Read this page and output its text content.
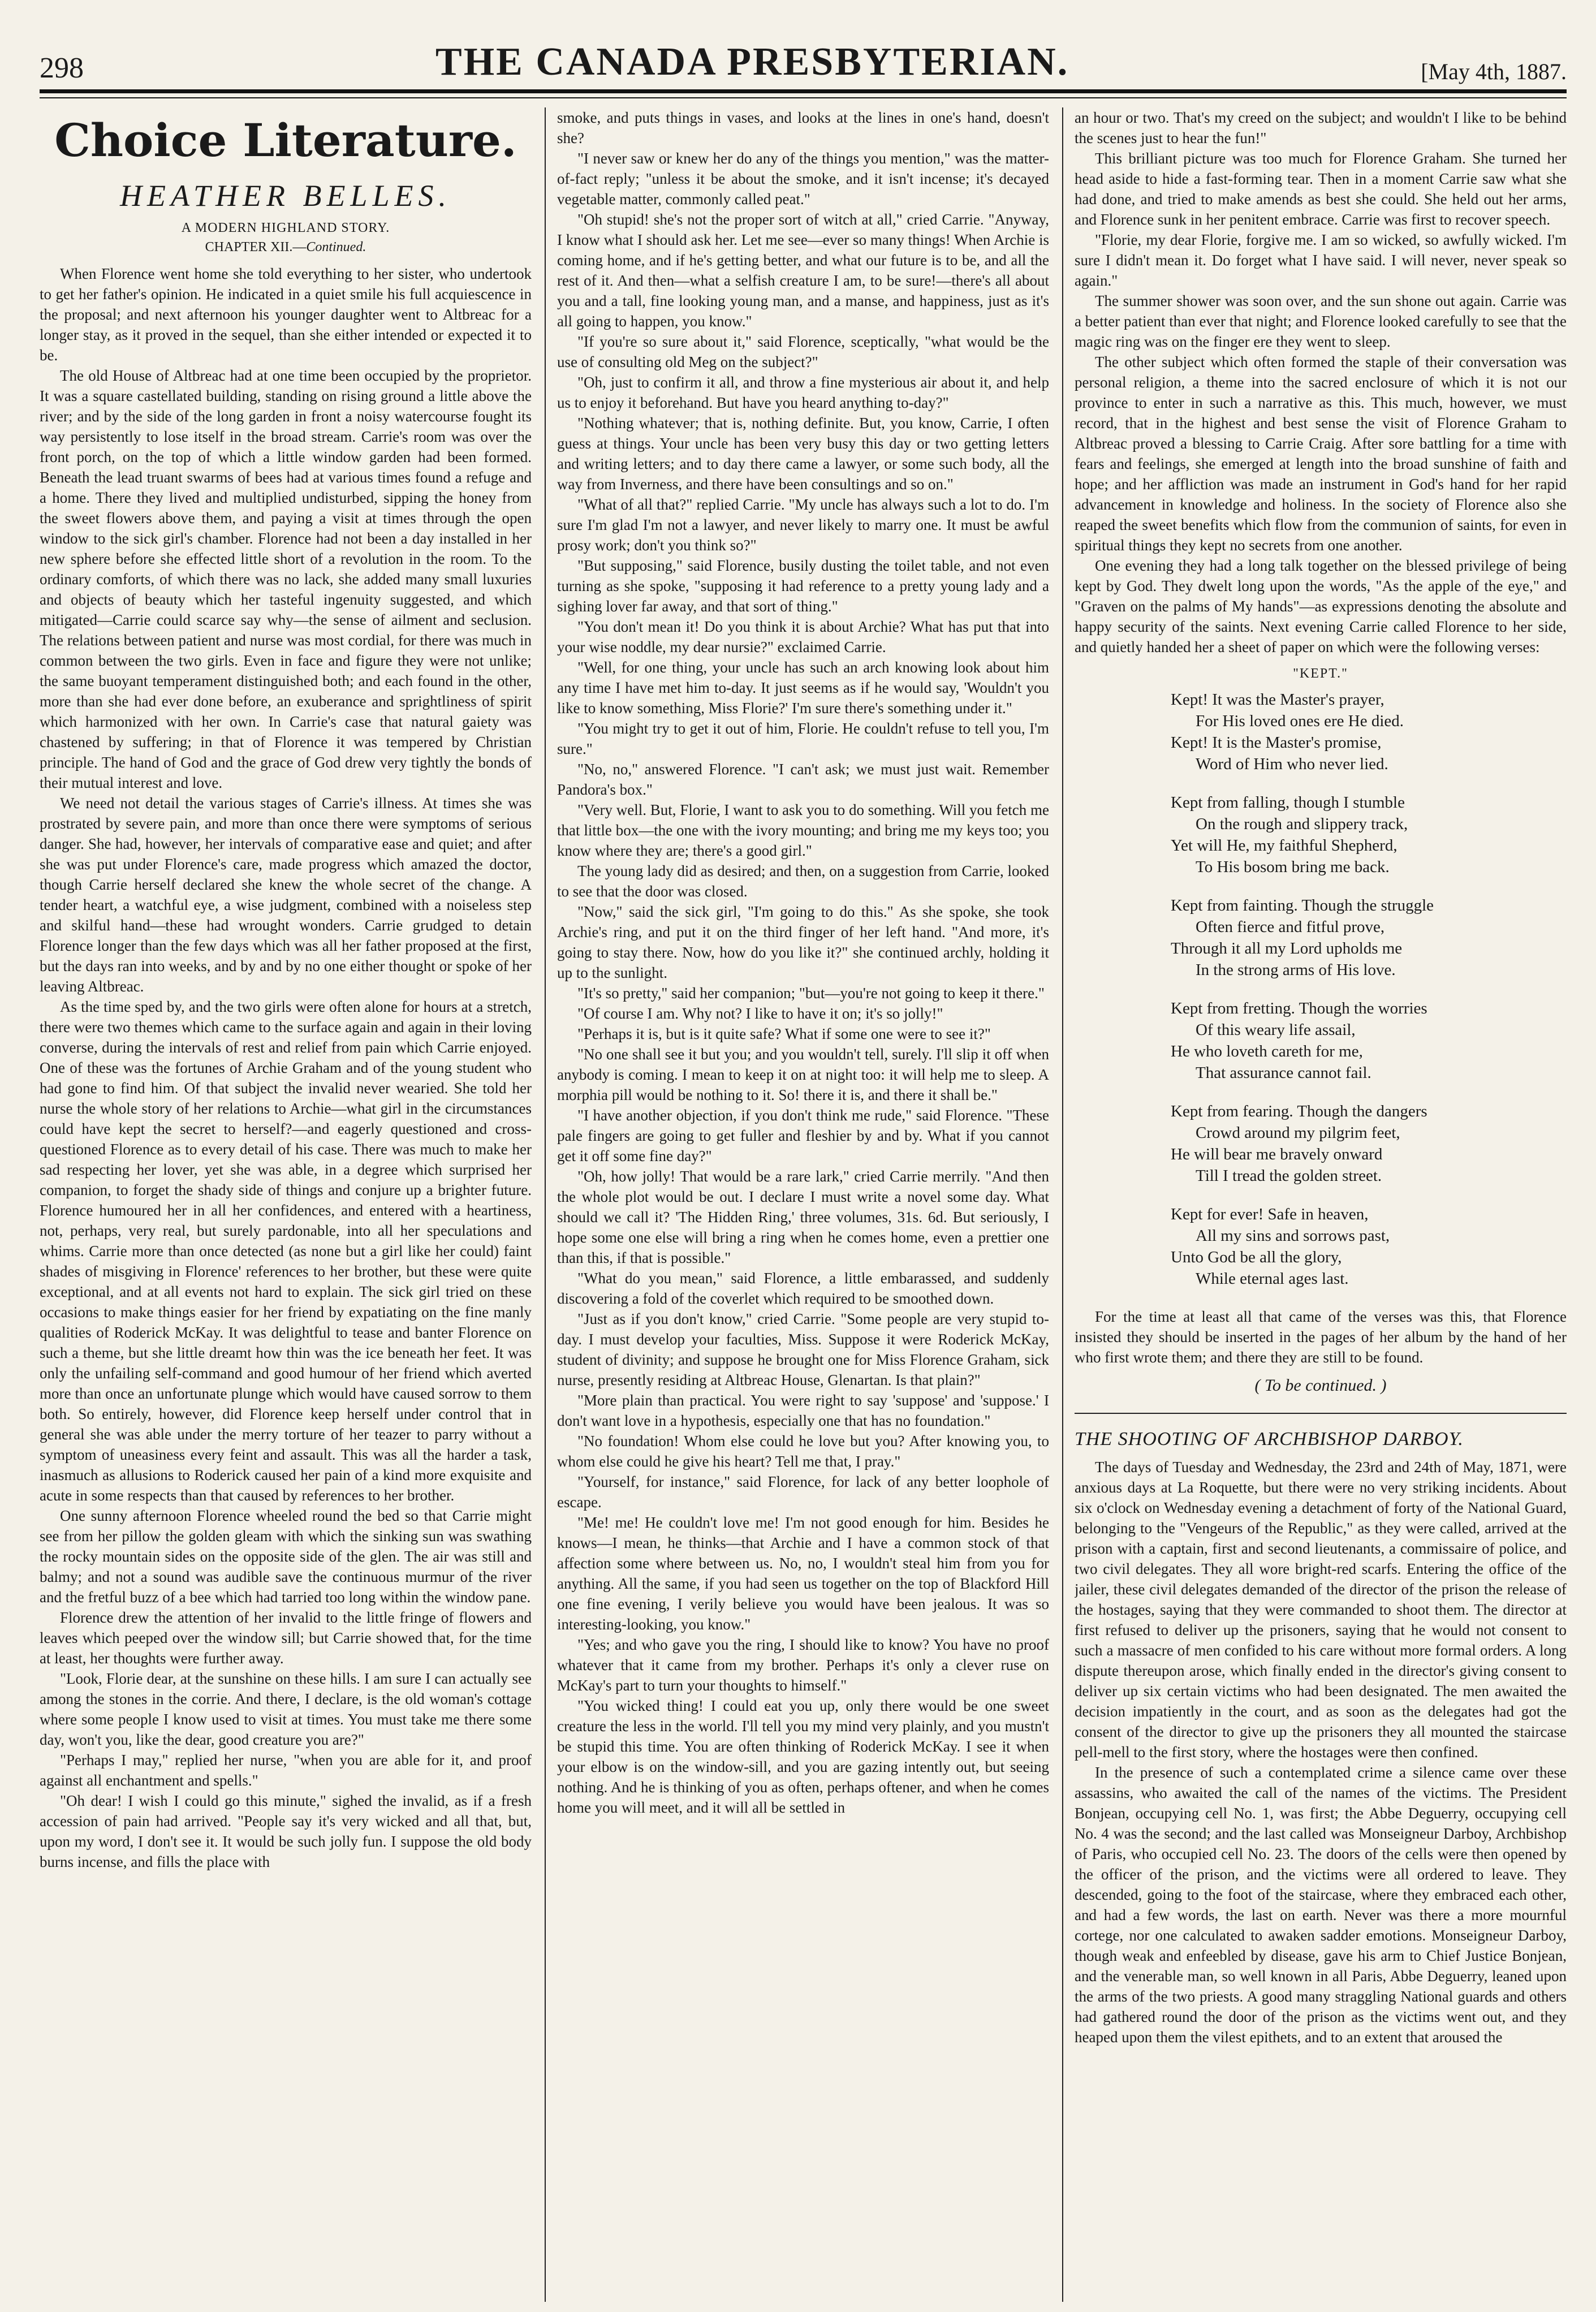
298	THE CANADA PRESBYTERIAN.	[May 4th, 1887.
Choice Literature.
HEATHER BELLES.
A MODERN HIGHLAND STORY.
CHAPTER XII.—Continued.

When Florence went home she told everything to her sister, who undertook to get her father's opinion. He indicated in a quiet smile his full acquiescence in the proposal; and next afternoon his younger daughter went to Altbreac for a longer stay, as it proved in the sequel, than she either intended or expected it to be.

The old House of Altbreac had at one time been occupied by the proprietor. It was a square castellated building, standing on rising ground a little above the river; and by the side of the long garden in front a noisy watercourse fought its way persistently to lose itself in the broad stream. Carrie's room was over the front porch, on the top of which a little window garden had been formed. Beneath the lead truant swarms of bees had at various times found a refuge and a home. There they lived and multiplied undisturbed, sipping the honey from the sweet flowers above them, and paying a visit at times through the open window to the sick girl's chamber. Florence had not been a day installed in her new sphere before she effected little short of a revolution in the room. To the ordinary comforts, of which there was no lack, she added many small luxuries and objects of beauty which her tasteful ingenuity suggested, and which mitigated—Carrie could scarce say why—the sense of ailment and seclusion. The relations between patient and nurse was most cordial, for there was much in common between the two girls. Even in face and figure they were not unlike; the same buoyant temperament distinguished both; and each found in the other, more than she had ever done before, an exuberance and sprightliness of spirit which harmonized with her own. In Carrie's case that natural gaiety was chastened by suffering; in that of Florence it was tempered by Christian principle. The hand of God and the grace of God drew very tightly the bonds of their mutual interest and love.

We need not detail the various stages of Carrie's illness. At times she was prostrated by severe pain, and more than once there were symptoms of serious danger. She had, however, her intervals of comparative ease and quiet; and after she was put under Florence's care, made progress which amazed the doctor, though Carrie herself declared she knew the whole secret of the change. A tender heart, a watchful eye, a wise judgment, combined with a noiseless step and skilful hand—these had wrought wonders. Carrie grudged to detain Florence longer than the few days which was all her father proposed at the first, but the days ran into weeks, and by and by no one either thought or spoke of her leaving Altbreac.

As the time sped by, and the two girls were often alone for hours at a stretch, there were two themes which came to the surface again and again in their loving converse, during the intervals of rest and relief from pain which Carrie enjoyed. One of these was the fortunes of Archie Graham and of the young student who had gone to find him. Of that subject the invalid never wearied. She told her nurse the whole story of her relations to Archie—what girl in the circumstances could have kept the secret to herself?—and eagerly questioned and cross-questioned Florence as to every detail of his case. There was much to make her sad respecting her lover, yet she was able, in a degree which surprised her companion, to forget the shady side of things and conjure up a brighter future. Florence humoured her in all her confidences, and entered with a heartiness, not, perhaps, very real, but surely pardonable, into all her speculations and whims. Carrie more than once detected (as none but a girl like her could) faint shades of misgiving in Florence' references to her brother, but these were quite exceptional, and at all events not hard to explain. The sick girl tried on these occasions to make things easier for her friend by expatiating on the fine manly qualities of Roderick McKay. It was delightful to tease and banter Florence on such a theme, but she little dreamt how thin was the ice beneath her feet. It was only the unfailing self-command and good humour of her friend which averted more than once an unfortunate plunge which would have caused sorrow to them both. So entirely, however, did Florence keep herself under control that in general she was able under the merry torture of her teazer to parry without a symptom of uneasiness every feint and assault. This was all the harder a task, inasmuch as allusions to Roderick caused her pain of a kind more exquisite and acute in some respects than that caused by references to her brother.

One sunny afternoon Florence wheeled round the bed so that Carrie might see from her pillow the golden gleam with which the sinking sun was swathing the rocky mountain sides on the opposite side of the glen. The air was still and balmy; and not a sound was audible save the continuous murmur of the river and the fretful buzz of a bee which had tarried too long within the window pane.

Florence drew the attention of her invalid to the little fringe of flowers and leaves which peeped over the window sill; but Carrie showed that, for the time at least, her thoughts were further away.

"Look, Florie dear, at the sunshine on these hills. I am sure I can actually see among the stones in the corrie. And there, I declare, is the old woman's cottage where some people I know used to visit at times. You must take me there some day, won't you, like the dear, good creature you are?"

"Perhaps I may," replied her nurse, "when you are able for it, and proof against all enchantment and spells."

"Oh dear! I wish I could go this minute," sighed the invalid, as if a fresh accession of pain had arrived. "People say it's very wicked and all that, but, upon my word, I don't see it. It would be such jolly fun. I suppose the old body burns incense, and fills the place with

smoke, and puts things in vases, and looks at the lines in one's hand, doesn't she?

"I never saw or knew her do any of the things you mention," was the matter-of-fact reply; "unless it be about the smoke, and it isn't incense; it's decayed vegetable matter, commonly called peat."

"Oh stupid! she's not the proper sort of witch at all," cried Carrie. "Anyway, I know what I should ask her. Let me see—ever so many things! When Archie is coming home, and if he's getting better, and what our future is to be, and all the rest of it. And then—what a selfish creature I am, to be sure!—there's all about you and a tall, fine looking young man, and a manse, and happiness, just as it's all going to happen, you know."

"If you're so sure about it," said Florence, sceptically, "what would be the use of consulting old Meg on the subject?"

"Oh, just to confirm it all, and throw a fine mysterious air about it, and help us to enjoy it beforehand. But have you heard anything to-day?"

"Nothing whatever; that is, nothing definite. But, you know, Carrie, I often guess at things. Your uncle has been very busy this day or two getting letters and writing letters; and to day there came a lawyer, or some such body, all the way from Inverness, and there have been consultings and so on."

"What of all that?" replied Carrie. "My uncle has always such a lot to do. I'm sure I'm glad I'm not a lawyer, and never likely to marry one. It must be awful prosy work; don't you think so?"

"But supposing," said Florence, busily dusting the toilet table, and not even turning as she spoke, "supposing it had reference to a pretty young lady and a sighing lover far away, and that sort of thing."

"You don't mean it! Do you think it is about Archie? What has put that into your wise noddle, my dear nursie?" exclaimed Carrie.

"Well, for one thing, your uncle has such an arch knowing look about him any time I have met him to-day. It just seems as if he would say, 'Wouldn't you like to know something, Miss Florie?' I'm sure there's something under it."

"You might try to get it out of him, Florie. He couldn't refuse to tell you, I'm sure."

"No, no," answered Florence. "I can't ask; we must just wait. Remember Pandora's box."

"Very well. But, Florie, I want to ask you to do something. Will you fetch me that little box—the one with the ivory mounting; and bring me my keys too; you know where they are; there's a good girl."

The young lady did as desired; and then, on a suggestion from Carrie, looked to see that the door was closed.

"Now," said the sick girl, "I'm going to do this." As she spoke, she took Archie's ring, and put it on the third finger of her left hand. "And more, it's going to stay there. Now, how do you like it?" she continued archly, holding it up to the sunlight.

"It's so pretty," said her companion; "but—you're not going to keep it there."

"Of course I am. Why not? I like to have it on; it's so jolly!"

"Perhaps it is, but is it quite safe? What if some one were to see it?"

"No one shall see it but you; and you wouldn't tell, surely. I'll slip it off when anybody is coming. I mean to keep it on at night too: it will help me to sleep. A morphia pill would be nothing to it. So! there it is, and there it shall be."

"I have another objection, if you don't think me rude," said Florence. "These pale fingers are going to get fuller and fleshier by and by. What if you cannot get it off some fine day?"

"Oh, how jolly! That would be a rare lark," cried Carrie merrily. "And then the whole plot would be out. I declare I must write a novel some day. What should we call it? 'The Hidden Ring,' three volumes, 31s. 6d. But seriously, I hope some one else will bring a ring when he comes home, even a prettier one than this, if that is possible."

"What do you mean," said Florence, a little embarassed, and suddenly discovering a fold of the coverlet which required to be smoothed down.

"Just as if you don't know," cried Carrie. "Some people are very stupid to-day. I must develop your faculties, Miss. Suppose it were Roderick McKay, student of divinity; and suppose he brought one for Miss Florence Graham, sick nurse, presently residing at Altbreac House, Glenartan. Is that plain?"

"More plain than practical. You were right to say 'suppose' and 'suppose.' I don't want love in a hypothesis, especially one that has no foundation."

"No foundation! Whom else could he love but you? After knowing you, to whom else could he give his heart? Tell me that, I pray."

"Yourself, for instance," said Florence, for lack of any better loophole of escape.

"Me! me! He couldn't love me! I'm not good enough for him. Besides he knows—I mean, he thinks—that Archie and I have a common stock of that affection some where between us. No, no, I wouldn't steal him from you for anything. All the same, if you had seen us together on the top of Blackford Hill one fine evening, I verily believe you would have been jealous. It was so interesting-looking, you know."

"Yes; and who gave you the ring, I should like to know? You have no proof whatever that it came from my brother. Perhaps it's only a clever ruse on McKay's part to turn your thoughts to himself."

"You wicked thing! I could eat you up, only there would be one sweet creature the less in the world. I'll tell you my mind very plainly, and you mustn't be stupid this time. You are often thinking of Roderick McKay. I see it when your elbow is on the window-sill, and you are gazing intently out, but seeing nothing. And he is thinking of you as often, perhaps oftener, and when he comes home you will meet, and it will all be settled in

an hour or two. That's my creed on the subject; and wouldn't I like to be behind the scenes just to hear the fun!"

This brilliant picture was too much for Florence Graham. She turned her head aside to hide a fast-forming tear. Then in a moment Carrie saw what she had done, and tried to make amends as best she could. She held out her arms, and Florence sunk in her penitent embrace. Carrie was first to recover speech.

"Florie, my dear Florie, forgive me. I am so wicked, so awfully wicked. I'm sure I didn't mean it. Do forget what I have said. I will never, never speak so again."

The summer shower was soon over, and the sun shone out again. Carrie was a better patient than ever that night; and Florence looked carefully to see that the magic ring was on the finger ere they went to sleep.

The other subject which often formed the staple of their conversation was personal religion, a theme into the sacred enclosure of which it is not our province to enter in such a narrative as this. This much, however, we must record, that in the highest and best sense the visit of Florence Graham to Altbreac proved a blessing to Carrie Craig. After sore battling for a time with fears and feelings, she emerged at length into the broad sunshine of faith and hope; and her affliction was made an instrument in God's hand for her rapid advancement in knowledge and holiness. In the society of Florence also she reaped the sweet benefits which flow from the communion of saints, for even in spiritual things they kept no secrets from one another.

One evening they had a long talk together on the blessed privilege of being kept by God. They dwelt long upon the words, "As the apple of the eye," and "Graven on the palms of My hands"—as expressions denoting the absolute and happy security of the saints. Next evening Carrie called Florence to her side, and quietly handed her a sheet of paper on which were the following verses:

"KEPT."
Kept! It was the Master's prayer,
For His loved ones ere He died.
Kept! It is the Master's promise,
Word of Him who never lied.
Kept from falling, though I stumble
On the rough and slippery track,
Yet will He, my faithful Shepherd,
To His bosom bring me back.
Kept from fainting. Though the struggle
Often fierce and fitful prove,
Through it all my Lord upholds me
In the strong arms of His love.
Kept from fretting. Though the worries
Of this weary life assail,
He who loveth careth for me,
That assurance cannot fail.
Kept from fearing. Though the dangers
Crowd around my pilgrim feet,
He will bear me bravely onward
Till I tread the golden street.
Kept for ever! Safe in heaven,
All my sins and sorrows past,
Unto God be all the glory,
While eternal ages last.

For the time at least all that came of the verses was this, that Florence insisted they should be inserted in the pages of her album by the hand of her who first wrote them; and there they are still to be found.

( To be continued. )
THE SHOOTING OF ARCHBISHOP DARBOY.

The days of Tuesday and Wednesday, the 23rd and 24th of May, 1871, were anxious days at La Roquette, but there were no very striking incidents. About six o'clock on Wednesday evening a detachment of forty of the National Guard, belonging to the "Vengeurs of the Republic," as they were called, arrived at the prison with a captain, first and second lieutenants, a commissaire of police, and two civil delegates. They all wore bright-red scarfs. Entering the office of the jailer, these civil delegates demanded of the director of the prison the release of the hostages, saying that they were commanded to shoot them. The director at first refused to deliver up the prisoners, saying that he would not consent to such a massacre of men confided to his care without more formal orders. A long dispute thereupon arose, which finally ended in the director's giving consent to deliver up six certain victims who had been designated. The men awaited the decision impatiently in the court, and as soon as the delegates had got the consent of the director to give up the prisoners they all mounted the staircase pell-mell to the first story, where the hostages were then confined.

In the presence of such a contemplated crime a silence came over these assassins, who awaited the call of the names of the victims. The President Bonjean, occupying cell No. 1, was first; the Abbe Deguerry, occupying cell No. 4 was the second; and the last called was Monseigneur Darboy, Archbishop of Paris, who occupied cell No. 23. The doors of the cells were then opened by the officer of the prison, and the victims were all ordered to leave. They descended, going to the foot of the staircase, where they embraced each other, and had a few words, the last on earth. Never was there a more mournful cortege, nor one calculated to awaken sadder emotions. Monseigneur Darboy, though weak and enfeebled by disease, gave his arm to Chief Justice Bonjean, and the venerable man, so well known in all Paris, Abbe Deguerry, leaned upon the arms of the two priests. A good many straggling National guards and others had gathered round the door of the prison as the victims went out, and they heaped upon them the vilest epithets, and to an extent that aroused the
